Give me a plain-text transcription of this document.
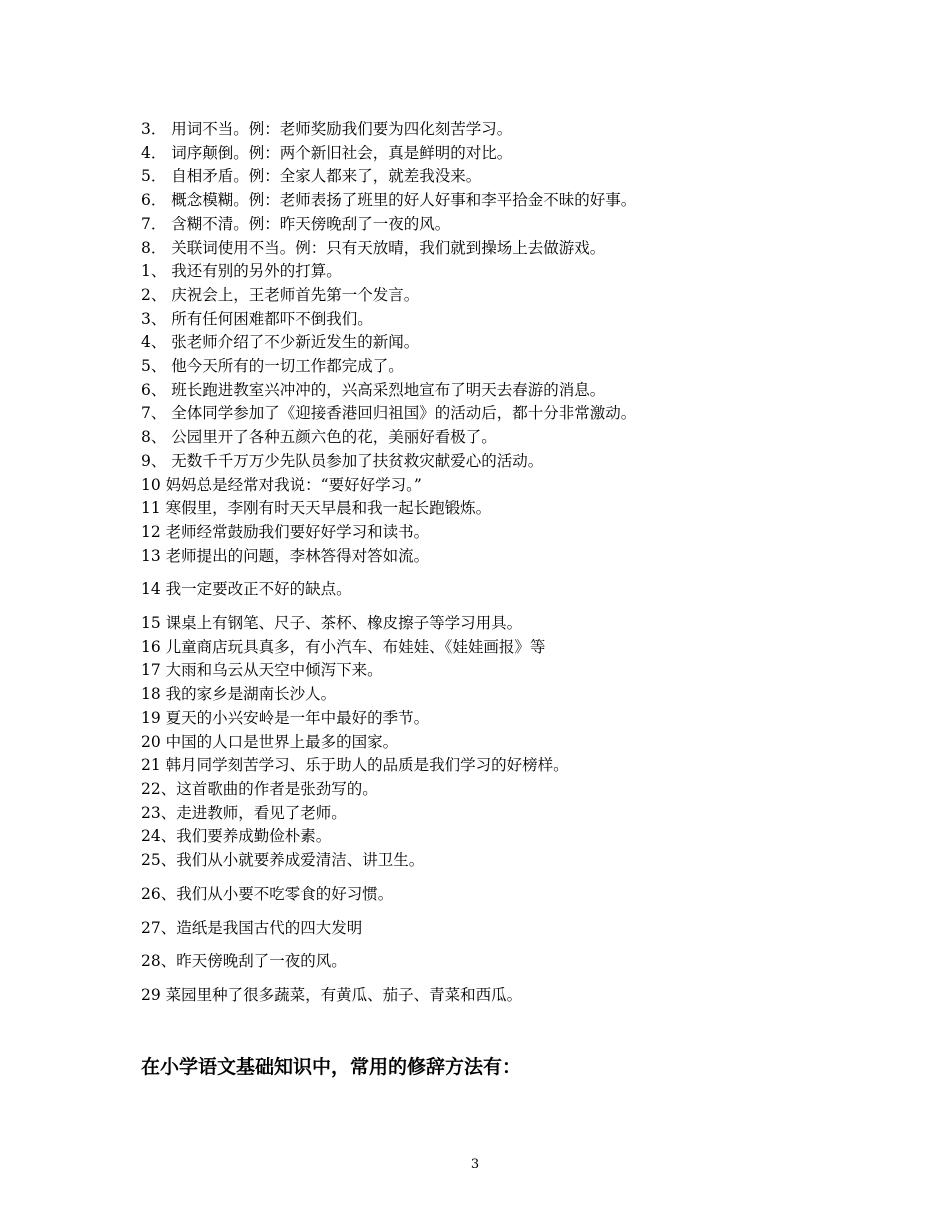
3． 用词不当。例：老师奖励我们要为四化刻苦学习。
4． 词序颠倒。例：两个新旧社会，真是鲜明的对比。
5． 自相矛盾。例：全家人都来了，就差我没来。
6． 概念模糊。例：老师表扬了班里的好人好事和李平拾金不昧的好事。
7． 含糊不清。例：昨天傍晚刮了一夜的风。
8． 关联词使用不当。例：只有天放晴，我们就到操场上去做游戏。
1、 我还有别的另外的打算。
2、 庆祝会上，王老师首先第一个发言。
3、 所有任何困难都吓不倒我们。
4、 张老师介绍了不少新近发生的新闻。
5、 他今天所有的一切工作都完成了。
6、 班长跑进教室兴冲冲的，兴高采烈地宣布了明天去春游的消息。
7、 全体同学参加了《迎接香港回归祖国》的活动后，都十分非常激动。
8、 公园里开了各种五颜六色的花，美丽好看极了。
9、 无数千千万万少先队员参加了扶贫救灾献爱心的活动。
10 妈妈总是经常对我说：“要好好学习。”
11 寒假里，李刚有时天天早晨和我一起长跑锻炼。
12 老师经常鼓励我们要好好学习和读书。
13 老师提出的问题，李林答得对答如流。
14 我一定要改正不好的缺点。
15 课桌上有钢笔、尺子、茶杯、橡皮擦子等学习用具。
16 儿童商店玩具真多，有小汽车、布娃娃、《娃娃画报》等
17 大雨和乌云从天空中倾泻下来。
18 我的家乡是湖南长沙人。
19 夏天的小兴安岭是一年中最好的季节。
20 中国的人口是世界上最多的国家。
21 韩月同学刻苦学习、乐于助人的品质是我们学习的好榜样。
22、这首歌曲的作者是张劲写的。
23、走进教师，看见了老师。
24、我们要养成勤俭朴素。
25、我们从小就要养成爱清洁、讲卫生。
26、我们从小要不吃零食的好习惯。
27、造纸是我国古代的四大发明
28、昨天傍晚刮了一夜的风。
29 菜园里种了很多蔬菜，有黄瓜、茄子、青菜和西瓜。
在小学语文基础知识中，常用的修辞方法有：
3
